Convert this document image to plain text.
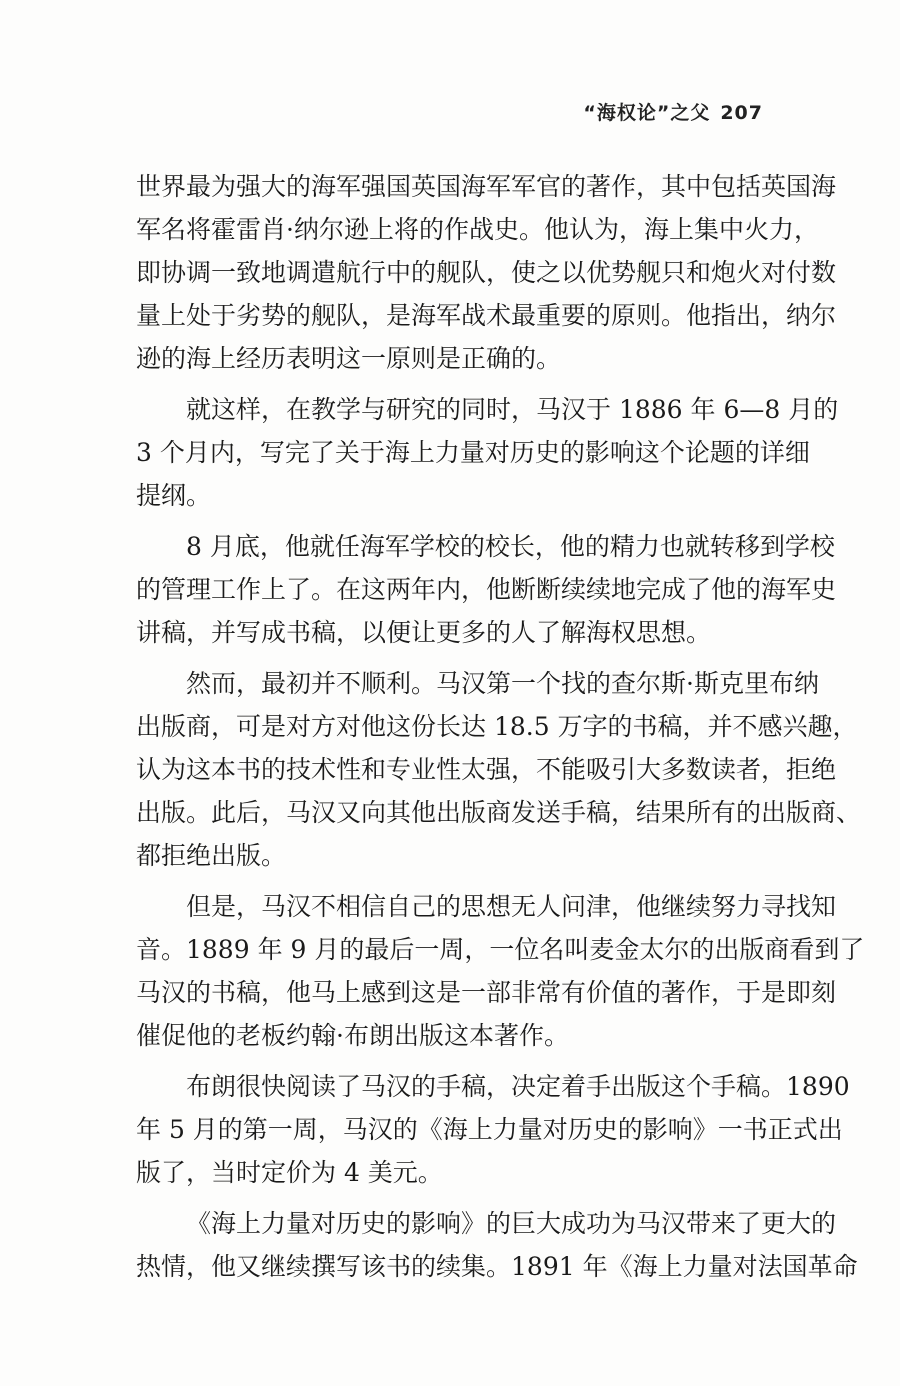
“海权论”之父 207
世界最为强大的海军强国英国海军军官的著作，其中包括英国海
军名将霍雷肖·纳尔逊上将的作战史。他认为，海上集中火力，
即协调一致地调遣航行中的舰队，使之以优势舰只和炮火对付数
量上处于劣势的舰队，是海军战术最重要的原则。他指出，纳尔
逊的海上经历表明这一原则是正确的。
就这样，在教学与研究的同时，马汉于 1886 年 6—8 月的
3 个月内，写完了关于海上力量对历史的影响这个论题的详细
提纲。
8 月底，他就任海军学校的校长，他的精力也就转移到学校
的管理工作上了。在这两年内，他断断续续地完成了他的海军史
讲稿，并写成书稿，以便让更多的人了解海权思想。
然而，最初并不顺利。马汉第一个找的查尔斯·斯克里布纳
出版商，可是对方对他这份长达 18.5 万字的书稿，并不感兴趣，
认为这本书的技术性和专业性太强，不能吸引大多数读者，拒绝
出版。此后，马汉又向其他出版商发送手稿，结果所有的出版商、
都拒绝出版。
但是，马汉不相信自己的思想无人问津，他继续努力寻找知
音。1889 年 9 月的最后一周，一位名叫麦金太尔的出版商看到了
马汉的书稿，他马上感到这是一部非常有价值的著作，于是即刻
催促他的老板约翰·布朗出版这本著作。
布朗很快阅读了马汉的手稿，决定着手出版这个手稿。1890
年 5 月的第一周，马汉的《海上力量对历史的影响》一书正式出
版了，当时定价为 4 美元。
《海上力量对历史的影响》的巨大成功为马汉带来了更大的
热情，他又继续撰写该书的续集。1891 年《海上力量对法国革命
